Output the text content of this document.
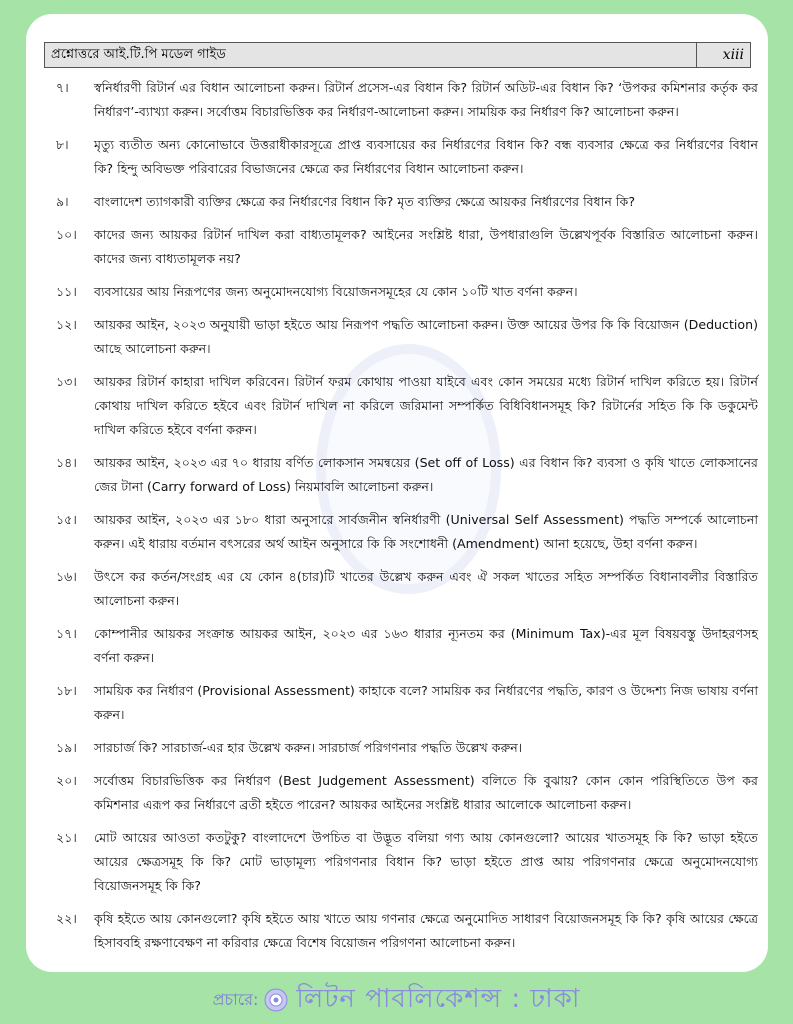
প্রশ্নোত্তরে আই.টি.পি মডেল গাইড	xiii
৭।	স্বনির্ধারণী রিটার্ন এর বিধান আলোচনা করুন। রিটার্ন প্রসেস-এর বিধান কি? রিটার্ন অডিট-এর বিধান কি? ‘উপকর কমিশনার কর্তৃক কর নির্ধারণ’-ব্যাখ্যা করুন। সর্বোত্তম বিচারভিত্তিক কর নির্ধারণ-আলোচনা করুন। সাময়িক কর নির্ধারণ কি? আলোচনা করুন।
৮।	মৃত্যু ব্যতীত অন্য কোনোভাবে উত্তরাধীকারসূত্রে প্রাপ্ত ব্যবসায়ের কর নির্ধারণের বিধান কি? বন্ধ ব্যবসার ক্ষেত্রে কর নির্ধারণের বিধান কি? হিন্দু অবিভক্ত পরিবারের বিভাজনের ক্ষেত্রে কর নির্ধারণের বিধান আলোচনা করুন।
৯।	বাংলাদেশ ত্যাগকারী ব্যক্তির ক্ষেত্রে কর নির্ধারণের বিধান কি? মৃত ব্যক্তির ক্ষেত্রে আয়কর নির্ধারণের বিধান কি?
১০।	কাদের জন্য আয়কর রিটার্ন দাখিল করা বাধ্যতামূলক? আইনের সংশ্লিষ্ট ধারা, উপধারাগুলি উল্লেখপূর্বক বিস্তারিত আলোচনা করুন। কাদের জন্য বাধ্যতামূলক নয়?
১১।	ব্যবসায়ের আয় নিরূপণের জন্য অনুমোদনযোগ্য বিয়োজনসমূহের যে কোন ১০টি খাত বর্ণনা করুন।
১২।	আয়কর আইন, ২০২৩ অনুযায়ী ভাড়া হইতে আয় নিরূপণ পদ্ধতি আলোচনা করুন। উক্ত আয়ের উপর কি কি বিয়োজন (Deduction) আছে আলোচনা করুন।
১৩।	আয়কর রিটার্ন কাহারা দাখিল করিবেন। রিটার্ন ফরম কোথায় পাওয়া যাইবে এবং কোন সময়ের মধ্যে রিটার্ন দাখিল করিতে হয়। রিটার্ন কোথায় দাখিল করিতে হইবে এবং রিটার্ন দাখিল না করিলে জরিমানা সম্পর্কিত বিধিবিধানসমূহ কি? রিটার্নের সহিত কি কি ডকুমেন্ট দাখিল করিতে হইবে বর্ণনা করুন।
১৪।	আয়কর আইন, ২০২৩ এর ৭০ ধারায় বর্ণিত লোকসান সমন্বয়ের (Set off of Loss) এর বিধান কি? ব্যবসা ও কৃষি খাতে লোকসানের জের টানা (Carry forward of Loss) নিয়মাবলি আলোচনা করুন।
১৫।	আয়কর আইন, ২০২৩ এর ১৮০ ধারা অনুসারে সার্বজনীন স্বনির্ধারণী (Universal Self Assessment) পদ্ধতি সম্পর্কে আলোচনা করুন। এই ধারায় বর্তমান বৎসরের অর্থ আইন অনুসারে কি কি সংশোধনী (Amendment) আনা হয়েছে, উহা বর্ণনা করুন।
১৬।	উৎসে কর কর্তন/সংগ্রহ এর যে কোন ৪(চার)টি খাতের উল্লেখ করুন এবং ঐ সকল খাতের সহিত সম্পর্কিত বিধানাবলীর বিস্তারিত আলোচনা করুন।
১৭।	কোম্পানীর আয়কর সংক্রান্ত আয়কর আইন, ২০২৩ এর ১৬৩ ধারার ন্যূনতম কর (Minimum Tax)-এর মূল বিষয়বস্তু উদাহরণসহ বর্ণনা করুন।
১৮।	সাময়িক কর নির্ধারণ (Provisional Assessment) কাহাকে বলে? সাময়িক কর নির্ধারণের পদ্ধতি, কারণ ও উদ্দেশ্য নিজ ভাষায় বর্ণনা করুন।
১৯।	সারচার্জ কি? সারচার্জ-এর হার উল্লেখ করুন। সারচার্জ পরিগণনার পদ্ধতি উল্লেখ করুন।
২০।	সর্বোত্তম বিচারভিত্তিক কর নির্ধারণ (Best Judgement Assessment) বলিতে কি বুঝায়? কোন কোন পরিস্থিতিতে উপ কর কমিশনার এরূপ কর নির্ধারণে ব্রতী হইতে পারেন? আয়কর আইনের সংশ্লিষ্ট ধারার আলোকে আলোচনা করুন।
২১।	মোট আয়ের আওতা কতটুকু? বাংলাদেশে উপচিত বা উদ্ভূত বলিয়া গণ্য আয় কোনগুলো? আয়ের খাতসমূহ কি কি? ভাড়া হইতে আয়ের ক্ষেত্রসমূহ কি কি? মোট ভাড়ামূল্য পরিগণনার বিধান কি? ভাড়া হইতে প্রাপ্ত আয় পরিগণনার ক্ষেত্রে অনুমোদনযোগ্য বিয়োজনসমূহ কি কি?
২২।	কৃষি হইতে আয় কোনগুলো? কৃষি হইতে আয় খাতে আয় গণনার ক্ষেত্রে অনুমোদিত সাধারণ বিয়োজনসমূহ কি কি? কৃষি আয়ের ক্ষেত্রে হিসাববহি রক্ষণাবেক্ষণ না করিবার ক্ষেত্রে বিশেষ বিয়োজন পরিগণনা আলোচনা করুন।
প্রচারে: লিটন পাবলিকেশন্স : ঢাকা
